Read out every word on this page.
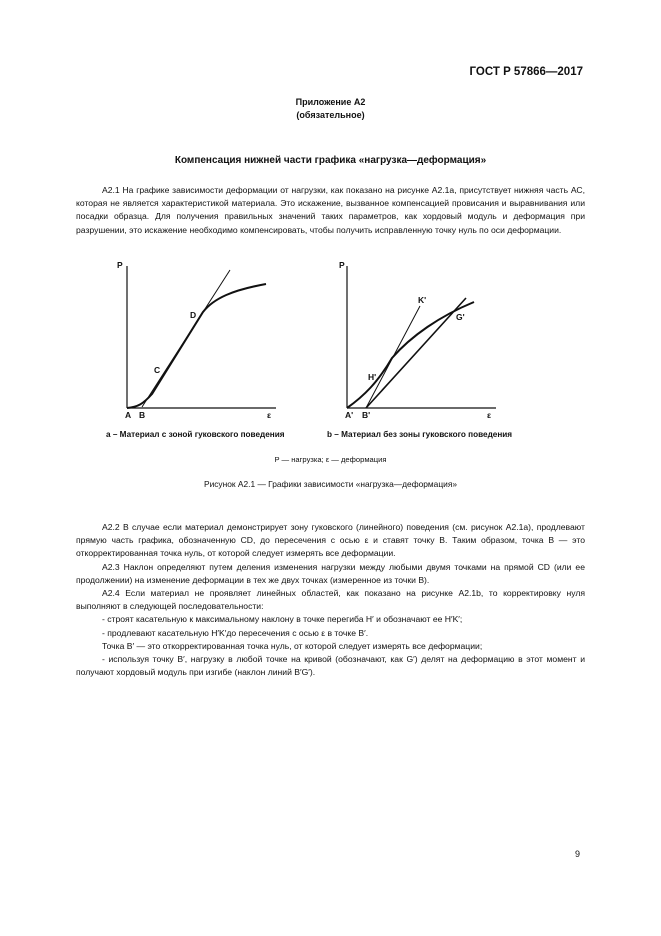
ГОСТ Р 57866—2017
Приложение А2
(обязательное)
Компенсация нижней части графика «нагрузка—деформация»

А2.1 На графике зависимости деформации от нагрузки, как показано на рисунке А2.1а, присутствует нижняя часть АС, которая не является характеристикой материала. Это искажение, вызванное компенсацией провисания и выравнивания или посадки образца. Для получения правильных значений таких параметров, как хордовый модуль и деформация при разрушении, это искажение необходимо компенсировать, чтобы получить исправленную точку нуль по оси деформации.

P
ε
A B
C
D
P
ε
A' B'
H'
K'
G'
a – Материал с зоной гуковского поведения	b – Материал без зоны гуковского поведения
P — нагрузка; ε — деформация
Рисунок А2.1 — Графики зависимости «нагрузка—деформация»

А2.2 В случае если материал демонстрирует зону гуковского (линейного) поведения (см. рисунок А2.1а), продлевают прямую часть графика, обозначенную CD, до пересечения с осью ε и ставят точку В. Таким образом, точка В — это откорректированная точка нуль, от которой следует измерять все деформации.

А2.3 Наклон определяют путем деления изменения нагрузки между любыми двумя точками на прямой CD (или ее продолжении) на изменение деформации в тех же двух точках (измеренное из точки В).

А2.4 Если материал не проявляет линейных областей, как показано на рисунке А2.1b, то корректировку нуля выполняют в следующей последовательности:

- строят касательную к максимальному наклону в точке перегиба H′ и обозначают ее H′K′;

- продлевают касательную H′K′до пересечения с осью ε в точке B′.

Точка B′ — это откорректированная точка нуль, от которой следует измерять все деформации;

- используя точку B′, нагрузку в любой точке на кривой (обозначают, как G′) делят на деформацию в этот момент и получают хордовый модуль при изгибе (наклон линий B′G′).

9
